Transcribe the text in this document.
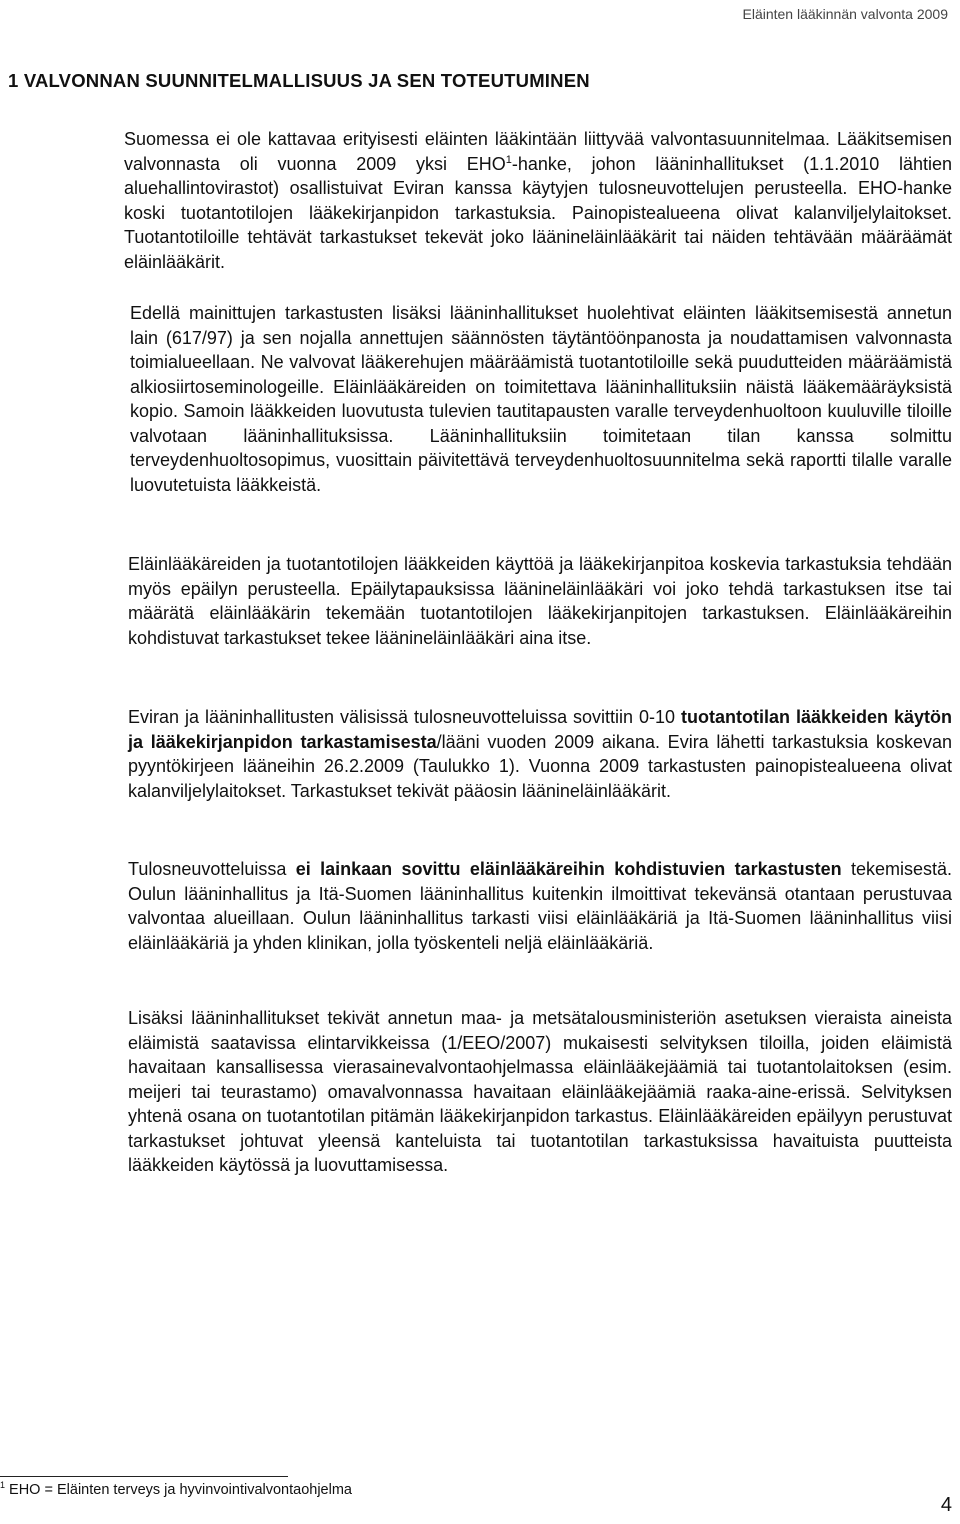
Eläinten lääkinnän valvonta 2009
1 VALVONNAN SUUNNITELMALLISUUS JA SEN TOTEUTUMINEN

Suomessa ei ole kattavaa erityisesti eläinten lääkintään liittyvää valvontasuunnitelmaa. Lääkitsemisen valvonnasta oli vuonna 2009 yksi EHO$^1$-hanke, johon lääninhallitukset (1.1.2010 lähtien aluehallintovirastot) osallistuivat Eviran kanssa käytyjen tulosneuvottelujen perusteella. EHO-hanke koski tuotantotilojen lääkekirjanpidon tarkastuksia. Painopistealueena olivat kalanviljelylaitokset. Tuotantotiloille tehtävät tarkastukset tekevät joko läänineläinlääkärit tai näiden tehtävään määräämät eläinlääkärit.

Edellä mainittujen tarkastusten lisäksi lääninhallitukset huolehtivat eläinten lääkitsemisestä annetun lain (617/97) ja sen nojalla annettujen säännösten täytäntöönpanosta ja noudattamisen valvonnasta toimialueellaan. Ne valvovat lääkerehujen määräämistä tuotantotiloille sekä puudutteiden määräämistä alkiosiirtoseminologeille. Eläinlääkäreiden on toimitettava lääninhallituksiin näistä lääkemääräyksistä kopio. Samoin lääkkeiden luovutusta tulevien tautitapausten varalle terveydenhuoltoon kuuluville tiloille valvotaan lääninhallituksissa. Lääninhallituksiin toimitetaan tilan kanssa solmittu terveydenhuoltosopimus, vuosittain päivitettävä terveydenhuoltosuunnitelma sekä raportti tilalle varalle luovutetuista lääkkeistä.

Eläinlääkäreiden ja tuotantotilojen lääkkeiden käyttöä ja lääkekirjanpitoa koskevia tarkastuksia tehdään myös epäilyn perusteella. Epäilytapauksissa läänineläinlääkäri voi joko tehdä tarkastuksen itse tai määrätä eläinlääkärin tekemään tuotantotilojen lääkekirjanpitojen tarkastuksen. Eläinlääkäreihin kohdistuvat tarkastukset tekee läänineläinlääkäri aina itse.

Eviran ja lääninhallitusten välisissä tulosneuvotteluissa sovittiin 0-10 tuotantotilan lääkkeiden käytön ja lääkekirjanpidon tarkastamisesta/lääni vuoden 2009 aikana. Evira lähetti tarkastuksia koskevan pyyntökirjeen lääneihin 26.2.2009 (Taulukko 1). Vuonna 2009 tarkastusten painopistealueena olivat kalanviljelylaitokset. Tarkastukset tekivät pääosin läänineläinlääkärit.

Tulosneuvotteluissa ei lainkaan sovittu eläinlääkäreihin kohdistuvien tarkastusten tekemisestä. Oulun lääninhallitus ja Itä-Suomen lääninhallitus kuitenkin ilmoittivat tekevänsä otantaan perustuvaa valvontaa alueillaan. Oulun lääninhallitus tarkasti viisi eläinlääkäriä ja Itä-Suomen lääninhallitus viisi eläinlääkäriä ja yhden klinikan, jolla työskenteli neljä eläinlääkäriä.

Lisäksi lääninhallitukset tekivät annetun maa- ja metsätalousministeriön asetuksen vieraista aineista eläimistä saatavissa elintarvikkeissa (1/EEO/2007) mukaisesti selvityksen tiloilla, joiden eläimistä havaitaan kansallisessa vierasainevalvontaohjelmassa eläinlääkejäämiä tai tuotantolaitoksen (esim. meijeri tai teurastamo) omavalvonnassa havaitaan eläinlääkejäämiä raaka-aine-erissä. Selvityksen yhtenä osana on tuotantotilan pitämän lääkekirjanpidon tarkastus. Eläinlääkäreiden epäilyyn perustuvat tarkastukset johtuvat yleensä kanteluista tai tuotantotilan tarkastuksissa havaituista puutteista lääkkeiden käytössä ja luovuttamisessa.

$^1$ EHO = Eläinten terveys ja hyvinvointivalvontaohjelma
4
